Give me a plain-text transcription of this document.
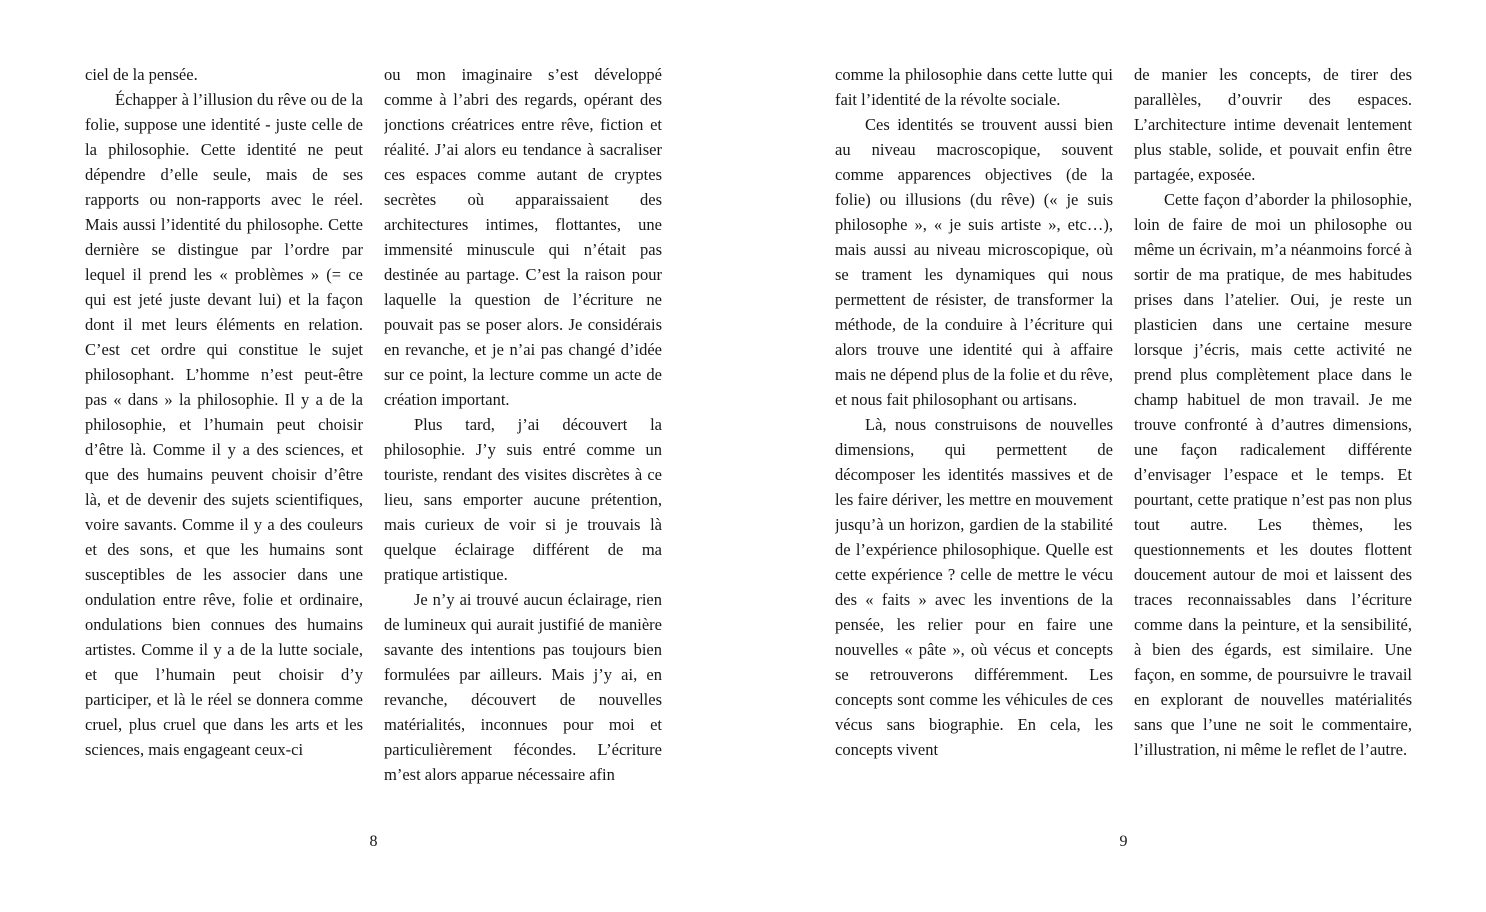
ciel de la pensée.

Échapper à l’illusion du rêve ou de la folie, suppose une identité - juste celle de la philosophie. Cette identité ne peut dépendre d’elle seule, mais de ses rapports ou non-rapports avec le réel. Mais aussi l’identité du philosophe. Cette dernière se distingue par l’ordre par lequel il prend les « problèmes » (= ce qui est jeté juste devant lui) et la façon dont il met leurs éléments en relation. C’est cet ordre qui constitue le sujet philosophant. L’homme n’est peut-être pas « dans » la philosophie. Il y a de la philosophie, et l’humain peut choisir d’être là. Comme il y a des sciences, et que des humains peuvent choisir d’être là, et de devenir des sujets scientifiques, voire savants. Comme il y a des couleurs et des sons, et que les humains sont susceptibles de les associer dans une ondulation entre rêve, folie et ordinaire, ondulations bien connues des humains artistes. Comme il y a de la lutte sociale, et que l’humain peut choisir d’y participer, et là le réel se donnera comme cruel, plus cruel que dans les arts et les sciences, mais engageant ceux-ci

ou mon imaginaire s’est développé comme à l’abri des regards, opérant des jonctions créatrices entre rêve, fiction et réalité. J’ai alors eu tendance à sacraliser ces espaces comme autant de cryptes secrètes où apparaissaient des architectures intimes, flottantes, une immensité minuscule qui n’était pas destinée au partage. C’est la raison pour laquelle la question de l’écriture ne pouvait pas se poser alors. Je considérais en revanche, et je n’ai pas changé d’idée sur ce point, la lecture comme un acte de création important.

Plus tard, j’ai découvert la philosophie. J’y suis entré comme un touriste, rendant des visites discrètes à ce lieu, sans emporter aucune prétention, mais curieux de voir si je trouvais là quelque éclairage différent de ma pratique artistique.

Je n’y ai trouvé aucun éclairage, rien de lumineux qui aurait justifié de manière savante des intentions pas toujours bien formulées par ailleurs. Mais j’y ai, en revanche, découvert de nouvelles matérialités, inconnues pour moi et particulièrement fécondes. L’écriture m’est alors apparue nécessaire afin

8

comme la philosophie dans cette lutte qui fait l’identité de la révolte sociale.

Ces identités se trouvent aussi bien au niveau macroscopique, souvent comme apparences objectives (de la folie) ou illusions (du rêve) (« je suis philosophe », « je suis artiste », etc…), mais aussi au niveau microscopique, où se trament les dynamiques qui nous permettent de résister, de transformer la méthode, de la conduire à l’écriture qui alors trouve une identité qui à affaire mais ne dépend plus de la folie et du rêve, et nous fait philosophant ou artisans.

Là, nous construisons de nouvelles dimensions, qui permettent de décomposer les identités massives et de les faire dériver, les mettre en mouvement jusqu’à un horizon, gardien de la stabilité de l’expérience philosophique. Quelle est cette expérience ? celle de mettre le vécu des « faits » avec les inventions de la pensée, les relier pour en faire une nouvelles « pâte », où vécus et concepts se retrouverons différemment. Les concepts sont comme les véhicules de ces vécus sans biographie. En cela, les concepts vivent

de manier les concepts, de tirer des parallèles, d’ouvrir des espaces. L’architecture intime devenait lentement plus stable, solide, et pouvait enfin être partagée, exposée.

Cette façon d’aborder la philosophie, loin de faire de moi un philosophe ou même un écrivain, m’a néanmoins forcé à sortir de ma pratique, de mes habitudes prises dans l’atelier. Oui, je reste un plasticien dans une certaine mesure lorsque j’écris, mais cette activité ne prend plus complètement place dans le champ habituel de mon travail. Je me trouve confronté à d’autres dimensions, une façon radicalement différente d’envisager l’espace et le temps. Et pourtant, cette pratique n’est pas non plus tout autre. Les thèmes, les questionnements et les doutes flottent doucement autour de moi et laissent des traces reconnaissables dans l’écriture comme dans la peinture, et la sensibilité, à bien des égards, est similaire. Une façon, en somme, de poursuivre le travail en explorant de nouvelles matérialités sans que l’une ne soit le commentaire, l’illustration, ni même le reflet de l’autre.

9
